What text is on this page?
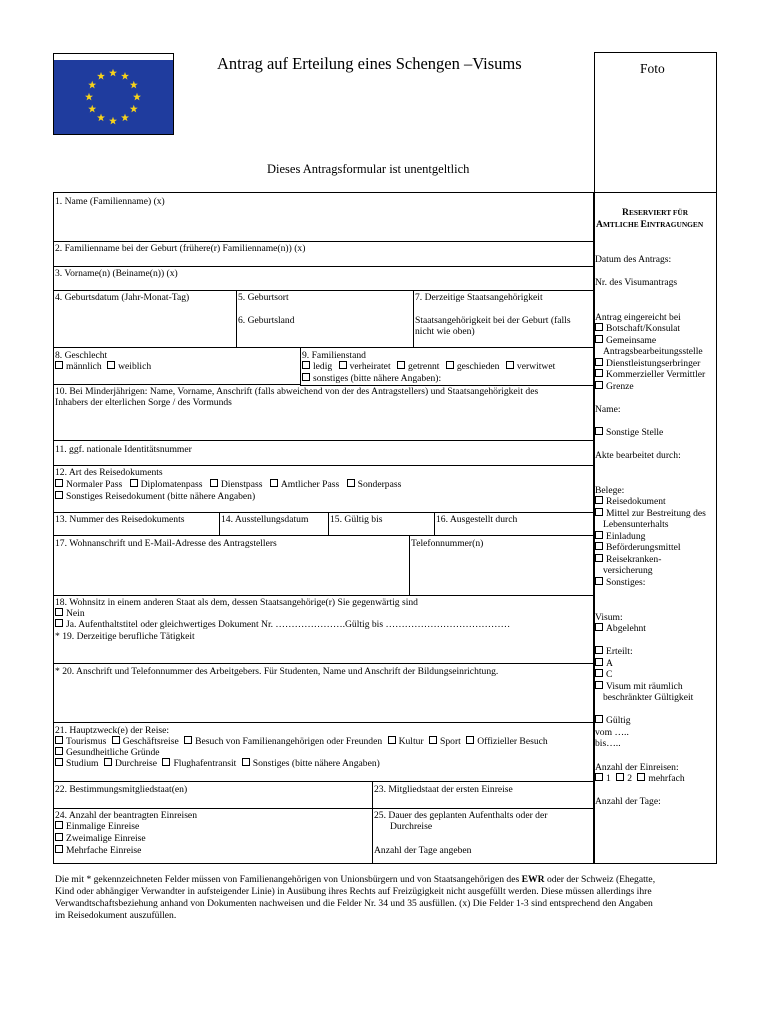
Antrag auf Erteilung eines Schengen –Visums	Foto
Dieses Antragsformular ist unentgeltlich
1. Name (Familienname) (x)
2. Familienname bei der Geburt (frühere(r) Familienname(n)) (x)
3. Vorname(n) (Beiname(n)) (x)
4. Geburtsdatum (Jahr-Monat-Tag)	5. Geburtsort
6. Geburtsland
7. Derzeitige Staatsangehörigkeit
Staatsangehörigkeit bei der Geburt (falls
nicht wie oben)
8. Geschlecht
männlich weiblich
9. Familienstand
ledig verheiratet getrennt geschieden verwitwet
sonstiges (bitte nähere Angaben):
10. Bei Minderjährigen: Name, Vorname, Anschrift (falls abweichend von der des Antragstellers) und Staatsangehörigkeit des
Inhabers der elterlichen Sorge / des Vormunds
11. ggf. nationale Identitätsnummer
12. Art des Reisedokuments
Normaler Pass Diplomatenpass Dienstpass Amtlicher Pass Sonderpass
Sonstiges Reisedokument (bitte nähere Angaben)
13. Nummer des Reisedokuments	14. Ausstellungsdatum 15. Gültig bis	16. Ausgestellt durch
17. Wohnanschrift und E-Mail-Adresse des Antragstellers	Telefonnummer(n)
18. Wohnsitz in einem anderen Staat als dem, dessen Staatsangehörige(r) Sie gegenwärtig sind
Nein
Ja. Aufenthaltstitel oder gleichwertiges Dokument Nr. ………………….Gültig bis …………………………………
* 19. Derzeitige berufliche Tätigkeit
* 20. Anschrift und Telefonnummer des Arbeitgebers. Für Studenten, Name und Anschrift der Bildungseinrichtung.
21. Hauptzweck(e) der Reise:
Tourismus Geschäftsreise Besuch von Familienangehörigen oder Freunden Kultur Sport Offizieller Besuch
Gesundheitliche Gründe
Studium Durchreise Flughafentransit Sonstiges (bitte nähere Angaben)
22. Bestimmungsmitgliedstaat(en)	23. Mitgliedstaat der ersten Einreise
24. Anzahl der beantragten Einreisen
Einmalige Einreise
Zweimalige Einreise
Mehrfache Einreise
25. Dauer des geplanten Aufenthalts oder der
Durchreise
Anzahl der Tage angeben
RESERVIERT FÜR
AMTLICHE EINTRAGUNGEN
Datum des Antrags:
Nr. des Visumantrags
Antrag eingereicht bei
Botschaft/Konsulat
Gemeinsame
Antragsbearbeitungsstelle
Dienstleistungserbringer
Kommerzieller Vermittler
Grenze
Name:
Sonstige Stelle
Akte bearbeitet durch:
Belege:
Reisedokument
Mittel zur Bestreitung des
Lebensunterhalts
Einladung
Beförderungsmittel
Reisekranken-
versicherung
Sonstiges:
Visum:
Abgelehnt
Erteilt:
A
C
Visum mit räumlich
beschränkter Gültigkeit
Gültig
vom …..
bis…..
Anzahl der Einreisen:
1 2 mehrfach
Anzahl der Tage:
Die mit * gekennzeichneten Felder müssen von Familienangehörigen von Unionsbürgern und von Staatsangehörigen des EWR oder der Schweiz (Ehegatte,
Kind oder abhängiger Verwandter in aufsteigender Linie) in Ausübung ihres Rechts auf Freizügigkeit nicht ausgefüllt werden. Diese müssen allerdings ihre
Verwandtschaftsbeziehung anhand von Dokumenten nachweisen und die Felder Nr. 34 und 35 ausfüllen. (x) Die Felder 1-3 sind entsprechend den Angaben
im Reisedokument auszufüllen.
